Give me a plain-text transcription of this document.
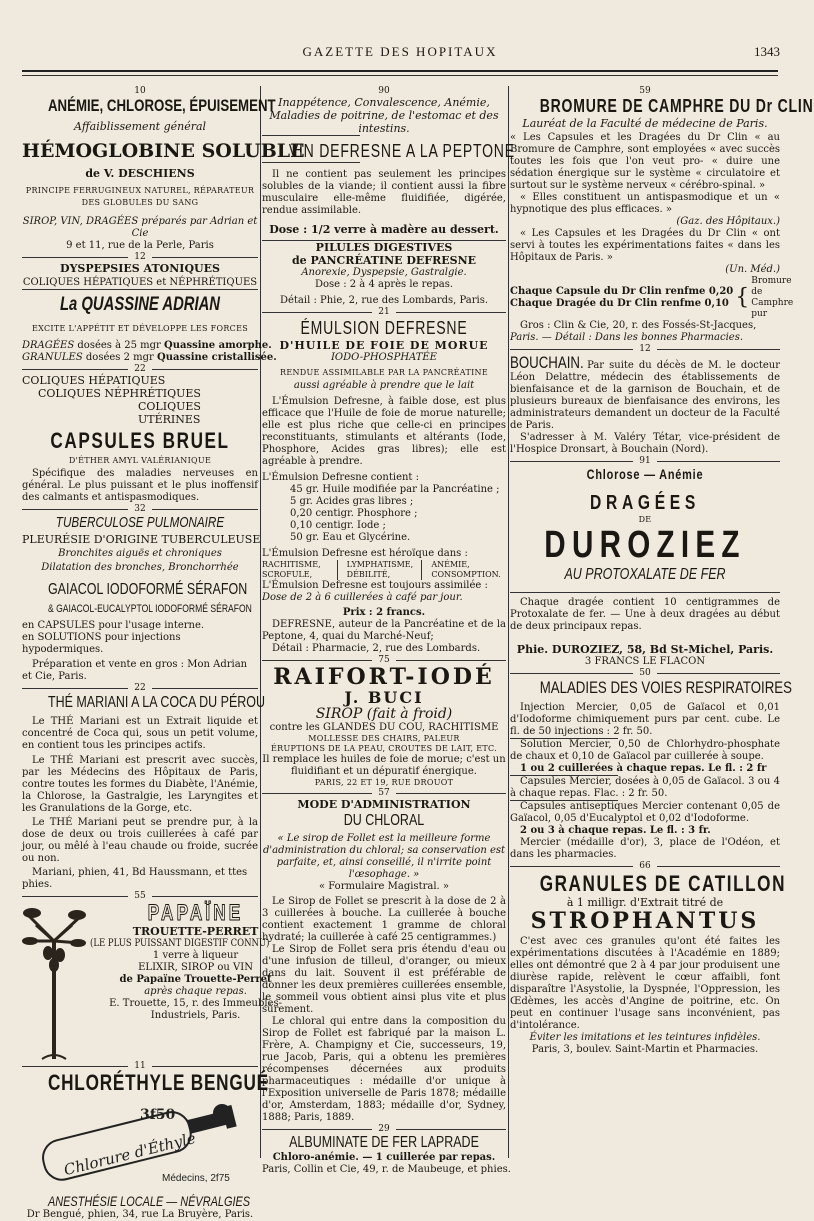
GAZETTE DES HOPITAUX	1343
10
ANÉMIE, CHLOROSE, ÉPUISEMENT
Affaiblissement général
HÉMOGLOBINE SOLUBLE
de V. DESCHIENS
PRINCIPE FERRUGINEUX NATUREL, RÉPARATEUR
DES GLOBULES DU SANG
SIROP, VIN, DRAGÉES préparés par Adrian et Cie
9 et 11, rue de la Perle, Paris
12
DYSPEPSIES ATONIQUES
COLIQUES HÉPATIQUES et NÉPHRÉTIQUES
La QUASSINE ADRIAN
EXCITE L'APPÉTIT ET DÉVELOPPE LES FORCES
DRAGÉES dosées à 25 mgr Quassine amorphe.
GRANULES dosées 2 mgr Quassine cristallisée.
22
COLIQUES HÉPATIQUES
COLIQUES NÉPHRÉTIQUES
COLIQUES UTÉRINES
CAPSULES BRUEL
D'ÉTHER AMYL VALÉRIANIQUE
Spécifique des maladies nerveuses en général. Le plus puissant et le plus inoffensif des calmants et antispasmodiques.
32
TUBERCULOSE PULMONAIRE
PLEURÉSIE D'ORIGINE TUBERCULEUSE
Bronchites aiguës et chroniques
Dilatation des bronches, Bronchorrhée
GAIACOL IODOFORMÉ SÉRAFON
& GAIACOL-EUCALYPTOL IODOFORMÉ SÉRAFON
en CAPSULES pour l'usage interne.
en SOLUTIONS pour injections hypodermiques.
Préparation et vente en gros : Mon Adrian et Cie, Paris.
22
THÉ MARIANI A LA COCA DU PÉROU
Le THÉ Mariani est un Extrait liquide et concentré de Coca qui, sous un petit volume, en contient tous les principes actifs.
Le THÉ Mariani est prescrit avec succès, par les Médecins des Hôpitaux de Paris, contre toutes les formes du Diabète, l'Anémie, la Chlorose, la Gastralgie, les Laryngites et les Granulations de la Gorge, etc.
Le THÉ Mariani peut se prendre pur, à la dose de deux ou trois cuillerées à café par jour, ou mêlé à l'eau chaude ou froide, sucrée ou non.
Mariani, phien, 41, Bd Haussmann, et ttes phies.
55
PAPAÏNE
TROUETTE-PERRET
(LE PLUS PUISSANT DIGESTIF CONNU)
1 verre à liqueur
ELIXIR, SIROP ou VIN
de Papaïne Trouette-Perret
après chaque repas.
E. Trouette, 15, r. des Immeubles-Industriels, Paris.
11
CHLORÉTHYLE BENGUÉ
3f50
Chlorure d'Éthyle
Médecins, 2f75
ANESTHÉSIE LOCALE — NÉVRALGIES
Dr Bengué, phien, 34, rue La Bruyère, Paris.
90
Inappétence, Convalescence, Anémie, Maladies de poitrine, de l'estomac et des intestins.
VIN DEFRESNE A LA PEPTONE
Il ne contient pas seulement les principes solubles de la viande; il contient aussi la fibre musculaire elle-même fluidifiée, digérée, rendue assimilable.
Dose : 1/2 verre à madère au dessert.
PILULES DIGESTIVES
de PANCRÉATINE DEFRESNE
Anorexie, Dyspepsie, Gastralgie.
Dose : 2 à 4 après le repas.
Détail : Phie, 2, rue des Lombards, Paris.
21
ÉMULSION DEFRESNE
D'HUILE DE FOIE DE MORUE
IODO-PHOSPHATÉE
RENDUE ASSIMILABLE PAR LA PANCRÉATINE
aussi agréable à prendre que le lait
L'Émulsion Defresne, à faible dose, est plus efficace que l'Huile de foie de morue naturelle; elle est plus riche que celle-ci en principes reconstituants, stimulants et altérants (Iode, Phosphore, Acides gras libres); elle est agréable à prendre.
L'Émulsion Defresne contient :
45 gr. Huile modifiée par la Pancréatine ;
5 gr. Acides gras libres ;
0,20 centigr. Phosphore ;
0,10 centigr. Iode ;
50 gr. Eau et Glycérine.
L'Émulsion Defresne est héroïque dans :
RACHITISME,
SCROFULE,
LYMPHATISME,
DÉBILITÉ,
ANÉMIE,
CONSOMPTION.
L'Émulsion Defresne est toujours assimilée :
Dose de 2 à 6 cuillerées à café par jour.
Prix : 2 francs.
DEFRESNE, auteur de la Pancréatine et de la Peptone, 4, quai du Marché-Neuf;
Détail : Pharmacie, 2, rue des Lombards.
75
RAIFORT-IODÉ
J. BUCI
SIROP (fait à froid)
contre les GLANDES DU COU, RACHITISME
MOLLESSE DES CHAIRS, PALEUR
ÉRUPTIONS DE LA PEAU, CROUTES DE LAIT, ETC.
Il remplace les huiles de foie de morue; c'est un fluidifiant et un dépuratif énergique.
PARIS, 22 ET 19, RUE DROUOT
57
MODE D'ADMINISTRATION
DU CHLORAL
« Le sirop de Follet est la meilleure forme d'administration du chloral; sa conservation est parfaite, et, ainsi conseillé, il n'irrite point l'œsophage. »
« Formulaire Magistral. »
Le Sirop de Follet se prescrit à la dose de 2 à 3 cuillerées à bouche. La cuillerée à bouche contient exactement 1 gramme de chloral hydraté; la cuillerée à café 25 centigrammes.)
Le Sirop de Follet sera pris étendu d'eau ou d'une infusion de tilleul, d'oranger, ou mieux dans du lait. Souvent il est préférable de donner les deux premières cuillerées ensemble, le sommeil vous obtient ainsi plus vite et plus sûrement.
Le chloral qui entre dans la composition du Sirop de Follet est fabriqué par la maison L. Frère, A. Champigny et Cie, successeurs, 19, rue Jacob, Paris, qui a obtenu les premières récompenses décernées aux produits pharmaceutiques : médaille d'or unique à l'Exposition universelle de Paris 1878; médaille d'or, Amsterdam, 1883; médaille d'or, Sydney, 1888; Paris, 1889.
29
ALBUMINATE DE FER LAPRADE
Chloro-anémie. — 1 cuillerée par repas.
Paris, Collin et Cie, 49, r. de Maubeuge, et phies.
59
BROMURE DE CAMPHRE DU Dr CLIN
Lauréat de la Faculté de médecine de Paris.
« Les Capsules et les Dragées du Dr Clin « au Bromure de Camphre, sont employées « avec succès toutes les fois que l'on veut pro- « duire une sédation énergique sur le système « circulatoire et surtout sur le système nerveux « cérébro-spinal. »
« Elles constituent un antispasmodique et un « hypnotique des plus efficaces. »
(Gaz. des Hôpitaux.)
« Les Capsules et les Dragées du Dr Clin « ont servi à toutes les expérimentations faites « dans les Hôpitaux de Paris. »
(Un. Méd.)
Chaque Capsule du Dr Clin renfme 0,20
Chaque Dragée du Dr Clin renfme 0,10 {
Bromure de Camphre pur
Gros : Clin & Cie, 20, r. des Fossés-St-Jacques,
Paris. — Détail : Dans les bonnes Pharmacies.
12
BOUCHAIN. Par suite du décès de M. le docteur Léon Delattre, médecin des établissements de bienfaisance et de la garnison de Bouchain, et de plusieurs bureaux de bienfaisance des environs, les administrateurs demandent un docteur de la Faculté de Paris.
S'adresser à M. Valéry Tétar, vice-président de l'Hospice Dronsart, à Bouchain (Nord).
91
Chlorose — Anémie
DRAGÉES
DE
DUROZIEZ
AU PROTOXALATE DE FER
Chaque dragée contient 10 centigrammes de Protoxalate de fer. — Une à deux dragées au début de deux principaux repas.
Phie. DUROZIEZ, 58, Bd St-Michel, Paris.
3 FRANCS LE FLACON
50
MALADIES DES VOIES RESPIRATOIRES
Injection Mercier, 0,05 de Gaïacol et 0,01 d'Iodoforme chimiquement purs par cent. cube. Le fl. de 50 injections : 2 fr. 50.
Solution Mercier, 0,50 de Chlorhydro-phosphate de chaux et 0,10 de Gaïacol par cuillerée à soupe.
1 ou 2 cuillerées à chaque repas. Le fl. : 2 fr
Capsules Mercier, dosées à 0,05 de Gaïacol. 3 ou 4 à chaque repas. Flac. : 2 fr. 50.
Capsules antiseptiques Mercier contenant 0,05 de Gaïacol, 0,05 d'Eucalyptol et 0,02 d'Iodoforme.
2 ou 3 à chaque repas. Le fl. : 3 fr.
Mercier (médaille d'or), 3, place de l'Odéon, et dans les pharmacies.
66
GRANULES DE CATILLON
à 1 milligr. d'Extrait titré de
STROPHANTUS
C'est avec ces granules qu'ont été faites les expérimentations discutées à l'Académie en 1889; elles ont démontré que 2 à 4 par jour produisent une diurèse rapide, relèvent le cœur affaibli, font disparaître l'Asystolie, la Dyspnée, l'Oppression, les Œdèmes, les accès d'Angine de poitrine, etc. On peut en continuer l'usage sans inconvénient, pas d'intolérance.
Éviter les imitations et les teintures infidèles.
Paris, 3, boulev. Saint-Martin et Pharmacies.
